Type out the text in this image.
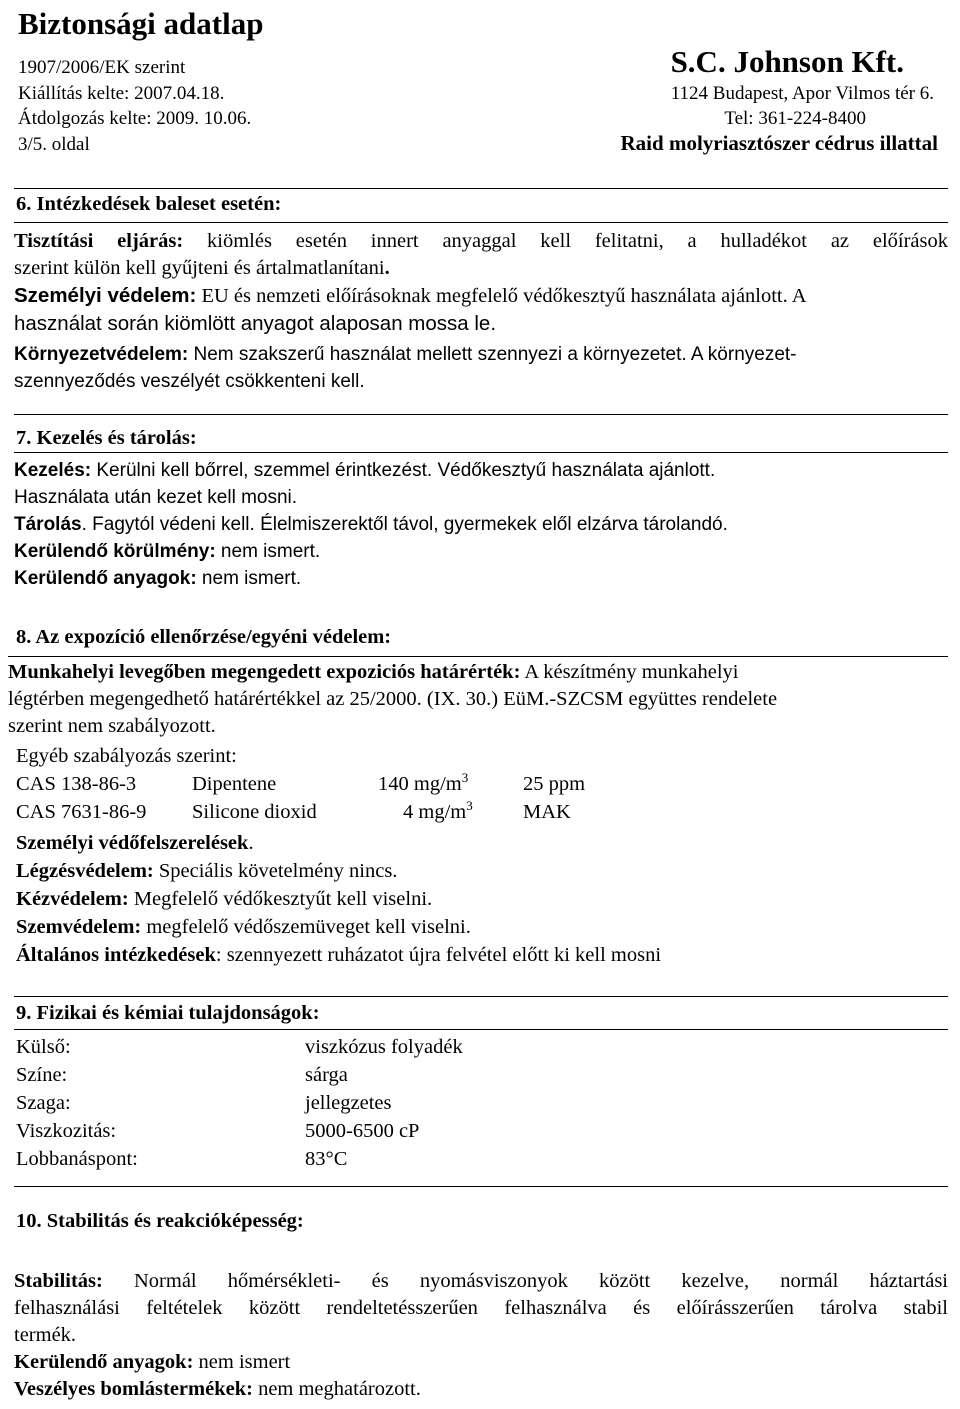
Biztonsági adatlap
1907/2006/EK szerint
Kiállítás kelte: 2007.04.18.
Átdolgozás kelte: 2009. 10.06.
3/5. oldal
S.C. Johnson Kft.
1124 Budapest, Apor Vilmos tér 6.
Tel: 361-224-8400
Raid molyriasztószer cédrus illattal
6. Intézkedések baleset esetén:
Tisztítási eljárás: kiömlés esetén innert anyaggal kell felitatni, a hulladékot az előírások
szerint külön kell gyűjteni és ártalmatlanítani.
Személyi védelem: EU és nemzeti előírásoknak megfelelő védőkesztyű használata ajánlott. A
használat során kiömlött anyagot alaposan mossa le.
Környezetvédelem: Nem szakszerű használat mellett szennyezi a környezetet. A környezet-
szennyeződés veszélyét csökkenteni kell.
7. Kezelés és tárolás:
Kezelés: Kerülni kell bőrrel, szemmel érintkezést. Védőkesztyű használata ajánlott.
Használata után kezet kell mosni.
Tárolás. Fagytól védeni kell. Élelmiszerektől távol, gyermekek elől elzárva tárolandó.
Kerülendő körülmény: nem ismert.
Kerülendő anyagok: nem ismert.
8. Az expozíció ellenőrzése/egyéni védelem:
Munkahelyi levegőben megengedett expoziciós határérték: A készítmény munkahelyi
légtérben megengedhető határértékkel az 25/2000. (IX. 30.) EüM.-SZCSM együttes rendelete
szerint nem szabályozott.
Egyéb szabályozás szerint:
CAS 138-86-3	Dipentene	140 $mg/m^3$	25 ppm
CAS 7631-86-9 Silicone dioxid	4 $mg/m^3$ MAK
Személyi védőfelszerelések.
Légzésvédelem: Speciális követelmény nincs.
Kézvédelem: Megfelelő védőkesztyűt kell viselni.
Szemvédelem: megfelelő védőszemüveget kell viselni.
Általános intézkedések: szennyezett ruházatot újra felvétel előtt ki kell mosni
9. Fizikai és kémiai tulajdonságok:
Külső:	viszkózus folyadék
Színe:	sárga
Szaga:	jellegzetes
Viszkozitás:	5000-6500 cP
Lobbanáspont:	83°C
10. Stabilitás és reakcióképesség:
Stabilitás: Normál hőmérsékleti- és nyomásviszonyok között kezelve, normál háztartási
felhasználási feltételek között rendeltetésszerűen felhasználva és előírásszerűen tárolva stabil
termék.
Kerülendő anyagok: nem ismert
Veszélyes bomlástermékek: nem meghatározott.
